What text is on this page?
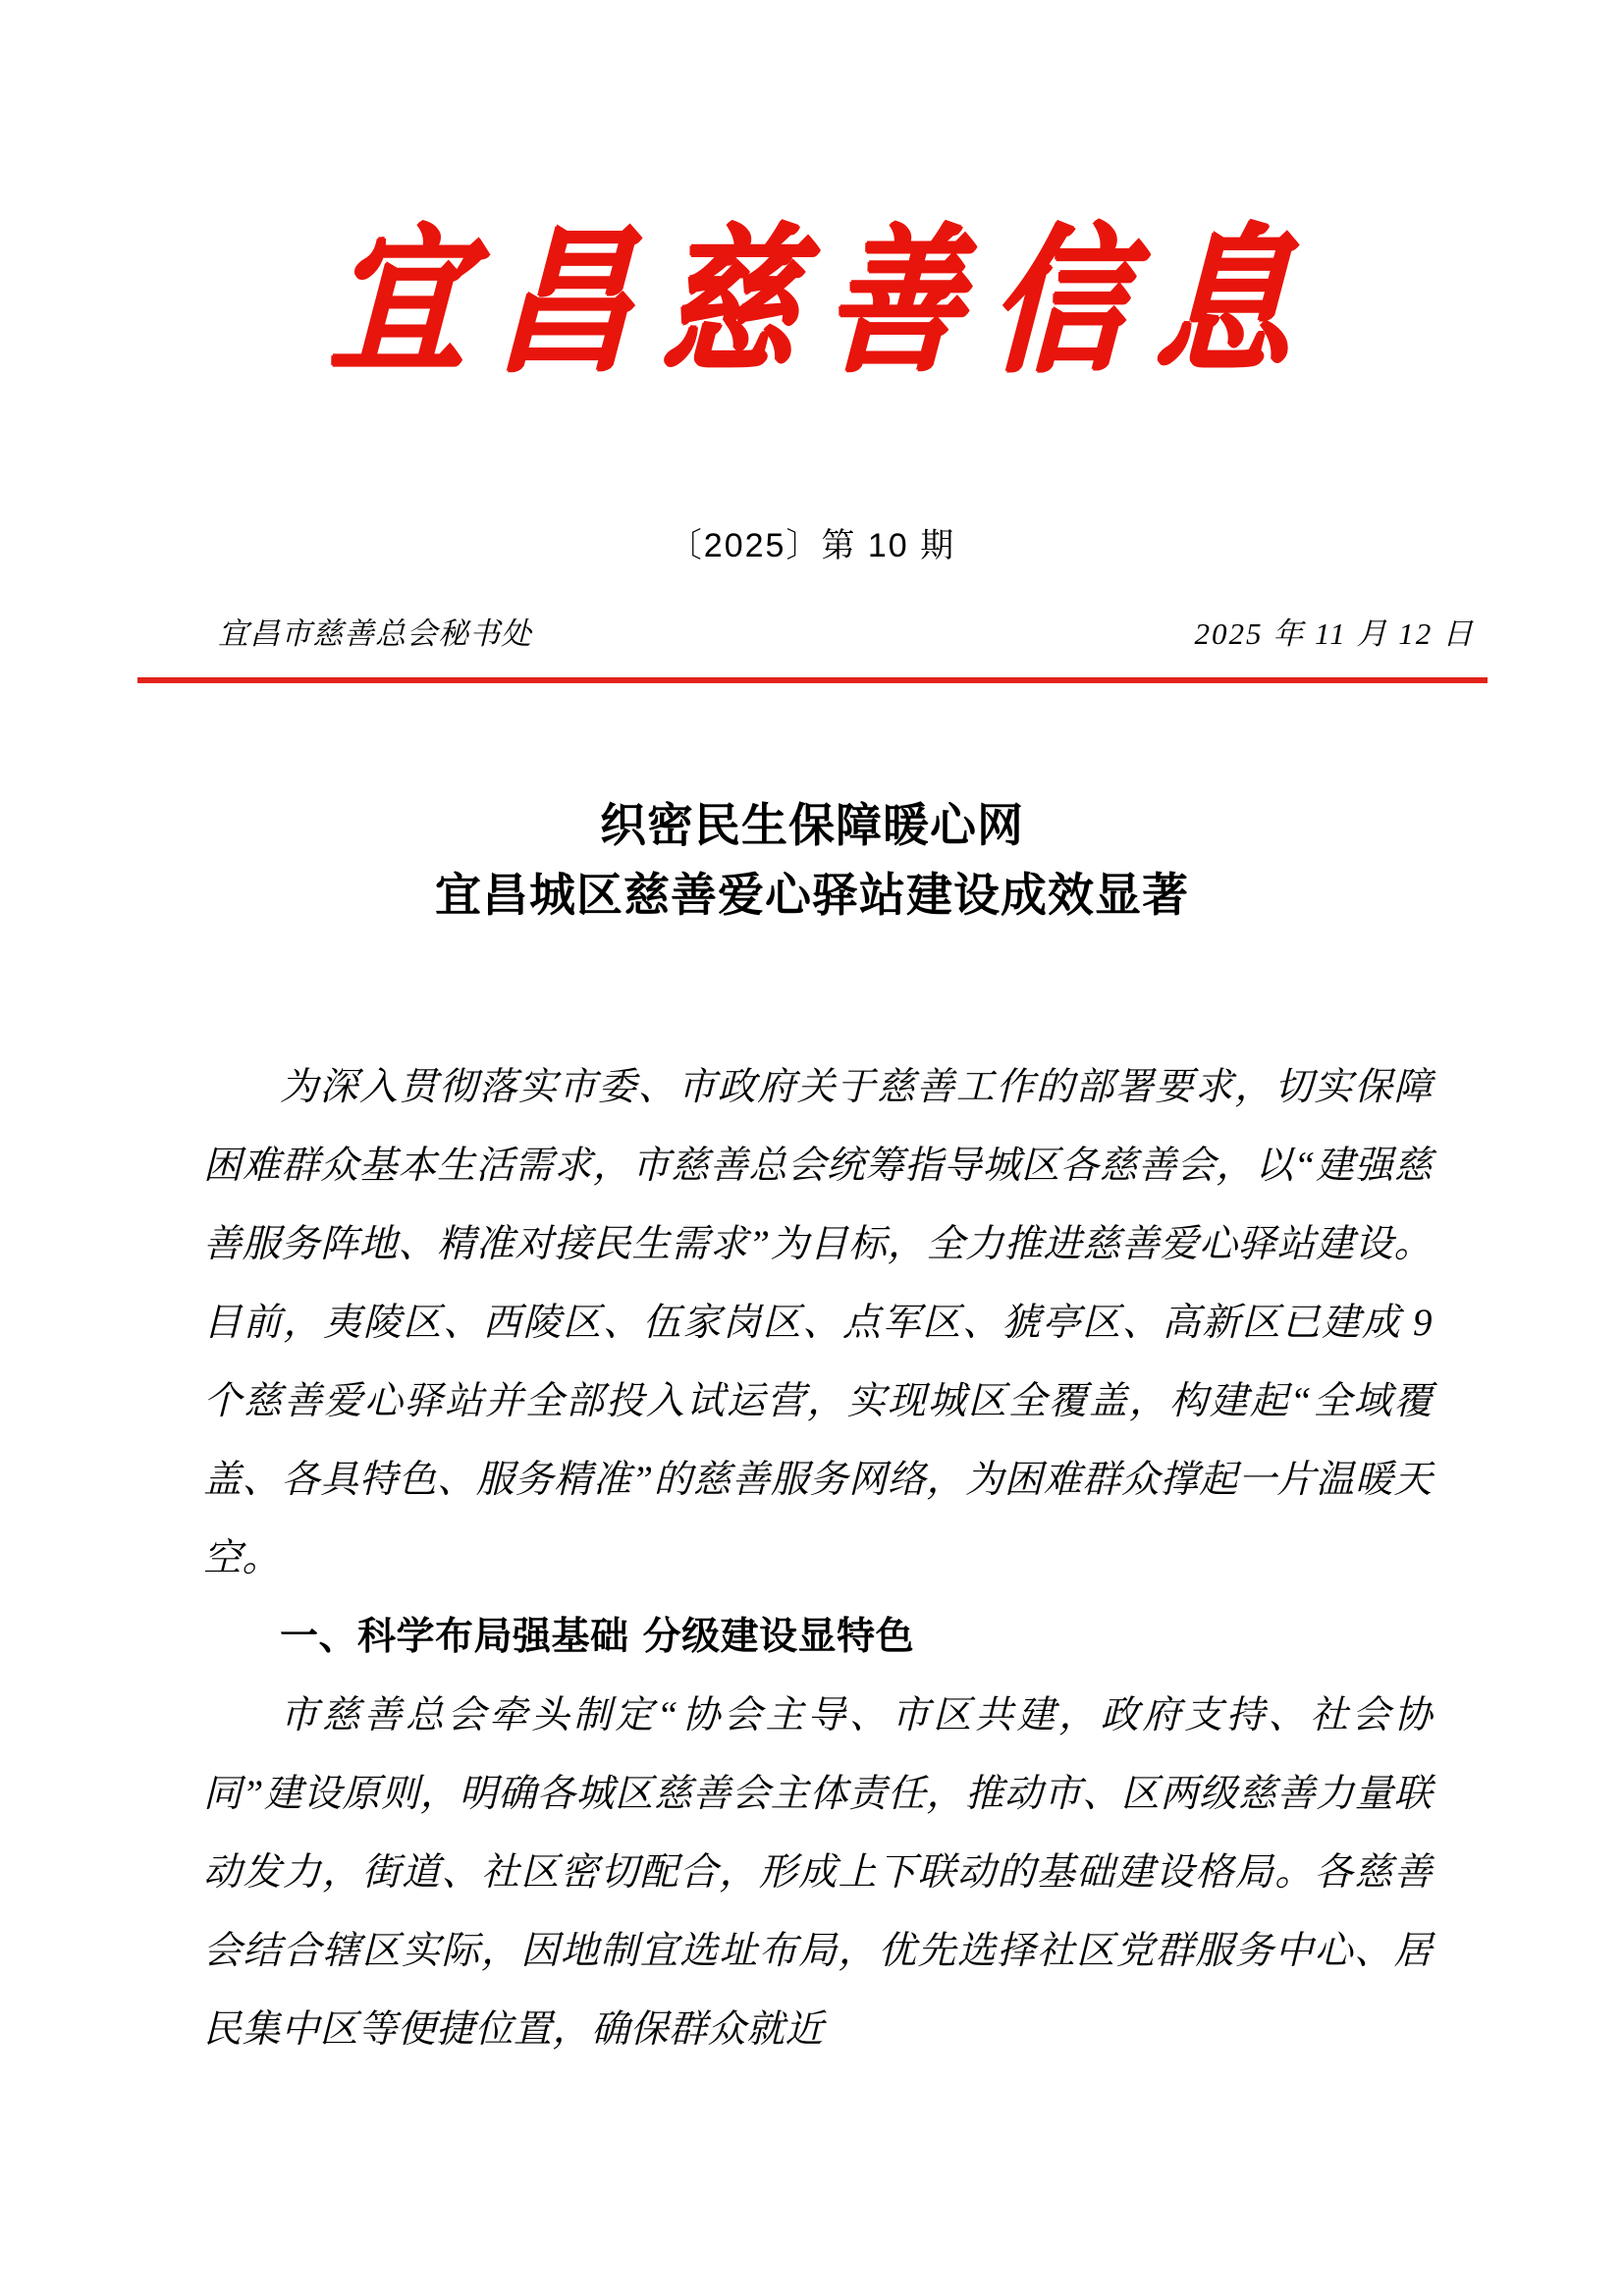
宜昌慈善信息
〔2025〕第 10 期
宜昌市慈善总会秘书处	2025 年 11 月 12 日
织密民生保障暖心网
宜昌城区慈善爱心驿站建设成效显著

为深入贯彻落实市委、市政府关于慈善工作的部署要求，切实保障困难群众基本生活需求，市慈善总会统筹指导城区各慈善会，以“建强慈善服务阵地、精准对接民生需求”为目标，全力推进慈善爱心驿站建设。目前，夷陵区、西陵区、伍家岗区、点军区、猇亭区、高新区已建成 9 个慈善爱心驿站并全部投入试运营，实现城区全覆盖，构建起“全域覆盖、各具特色、服务精准”的慈善服务网络，为困难群众撑起一片温暖天空。

一、科学布局强基础 分级建设显特色

市慈善总会牵头制定“协会主导、市区共建，政府支持、社会协同”建设原则，明确各城区慈善会主体责任，推动市、区两级慈善力量联动发力，街道、社区密切配合，形成上下联动的基础建设格局。各慈善会结合辖区实际，因地制宜选址布局，优先选择社区党群服务中心、居民集中区等便捷位置，确保群众就近
